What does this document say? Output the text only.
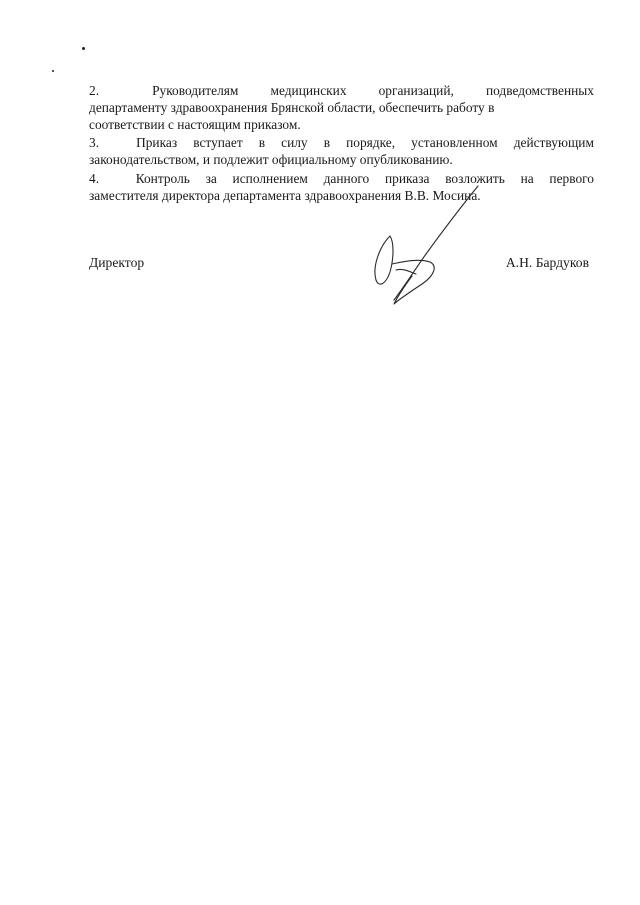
2.	Руководителям медицинских организаций, подведомственных
департаменту здравоохранения Брянской области, обеспечить работу в
соответствии с настоящим приказом.
3.	Приказ вступает в силу в порядке, установленном действующим
законодательством, и подлежит официальному опубликованию.
4.	Контроль за исполнением данного приказа возложить на первого
заместителя директора департамента здравоохранения В.В. Мосина.
Директор	А.Н. Бардуков
